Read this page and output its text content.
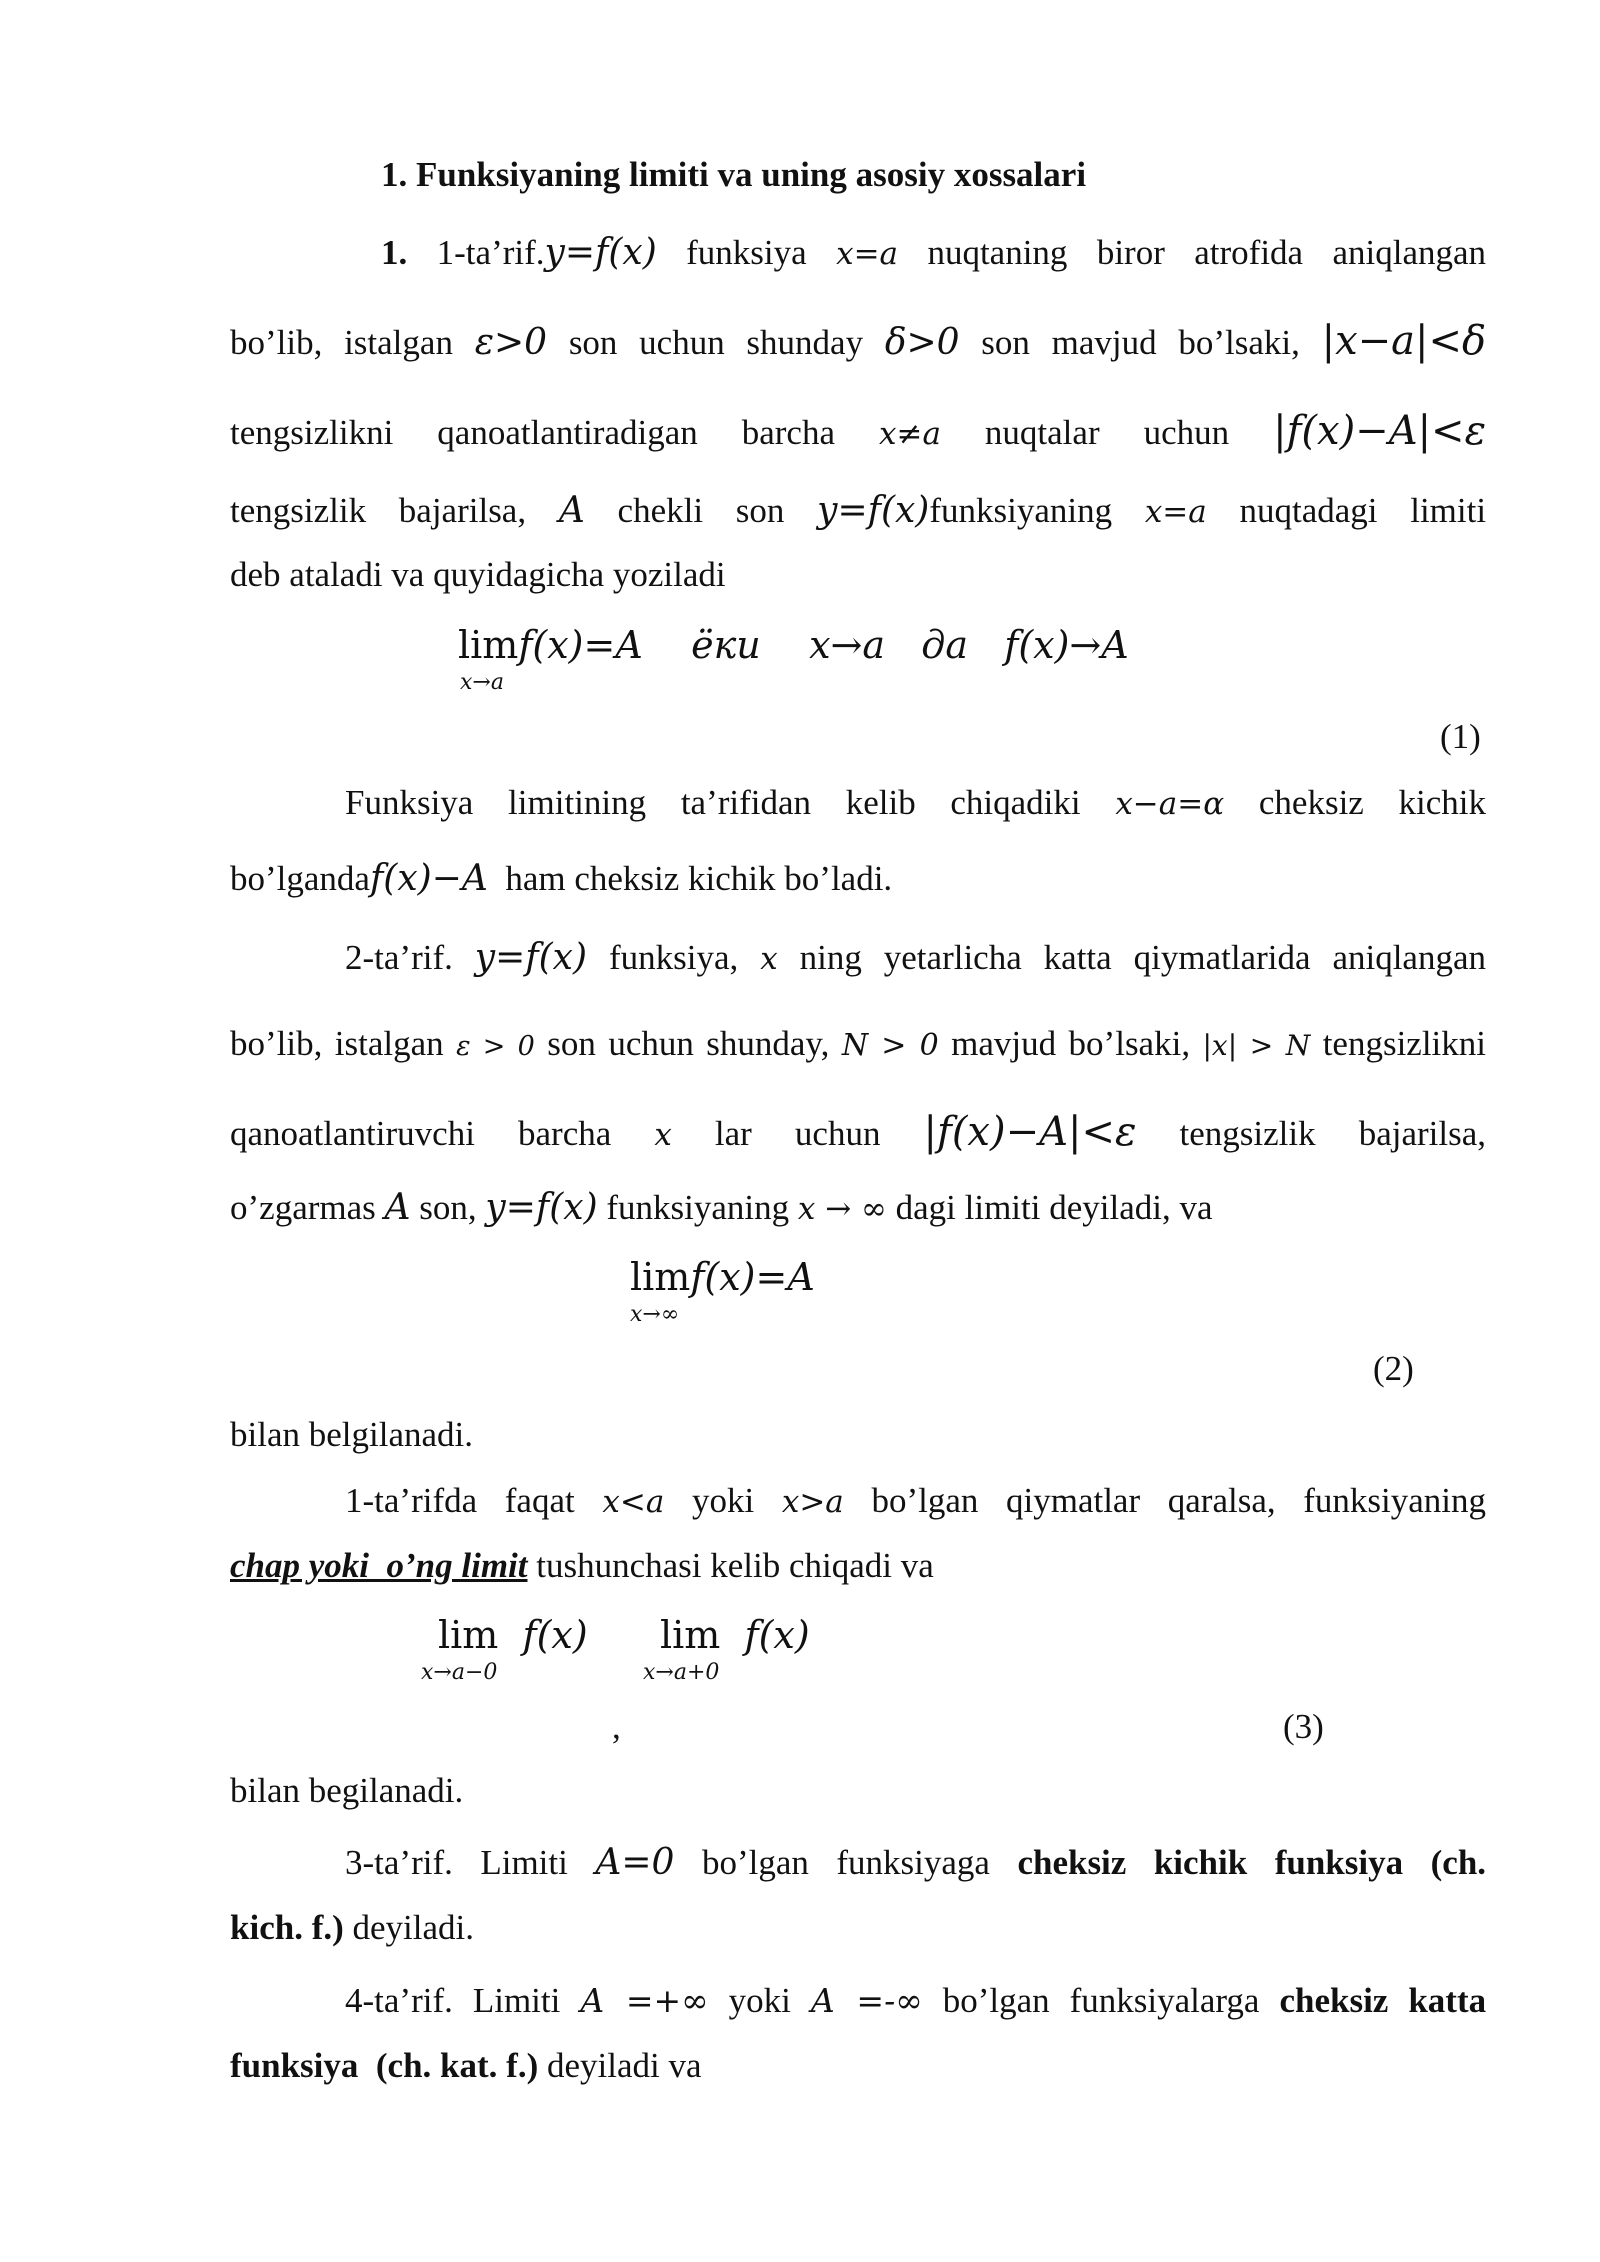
1. Funksiyaning limiti va uning asosiy xossalari
1. 1-ta’rif.y=f(x) funksiya x=a nuqtaning biror atrofida aniqlangan
bo’lib, istalgan ε>0 son uchun shunday δ>0 son mavjud bo’lsaki, |x−a|<δ
tengsizlikni qanoatlantiradigan barcha x≠a nuqtalar uchun |f(x)−A|<ε
tengsizlik bajarilsa, A chekli son y=f(x)funksiyaning x=a nuqtadagi limiti
deb ataladi va quyidagicha yoziladi
limf(x)=A ёки x→a да f(x)→A
x→a
(1)
Funksiya limitining ta’rifidan kelib chiqadiki x−a=α cheksiz kichik
bo’lgandaf(x)−A ham cheksiz kichik bo’ladi.
2-ta’rif. y=f(x) funksiya, x ning yetarlicha katta qiymatlarida aniqlangan
bo’lib, istalgan ε > 0 son uchun shunday, N > 0 mavjud bo’lsaki, |x| > N tengsizlikni
qanoatlantiruvchi barcha x lar uchun |f(x)−A|<ε tengsizlik bajarilsa,
o’zgarmas A son, y=f(x) funksiyaning x → ∞ dagi limiti deyiladi, va
limf(x)=A
x→∞
(2)
bilan belgilanadi.
1-ta’rifda faqat x<a yoki x>a bo’lgan qiymatlar qaralsa, funksiyaning
chap yoki  o’ng limit tushunchasi kelib chiqadi va
lim f(x)
x→a−0
lim f(x)
x→a+0
,	(3)
bilan begilanadi.
3-ta’rif. Limiti A=0 bo’lgan funksiyaga cheksiz kichik funksiya (ch.
kich. f.) deyiladi.
4-ta’rif. Limiti A =+∞ yoki A =-∞ bo’lgan funksiyalarga cheksiz katta
funksiya  (ch. kat. f.) deyiladi va
